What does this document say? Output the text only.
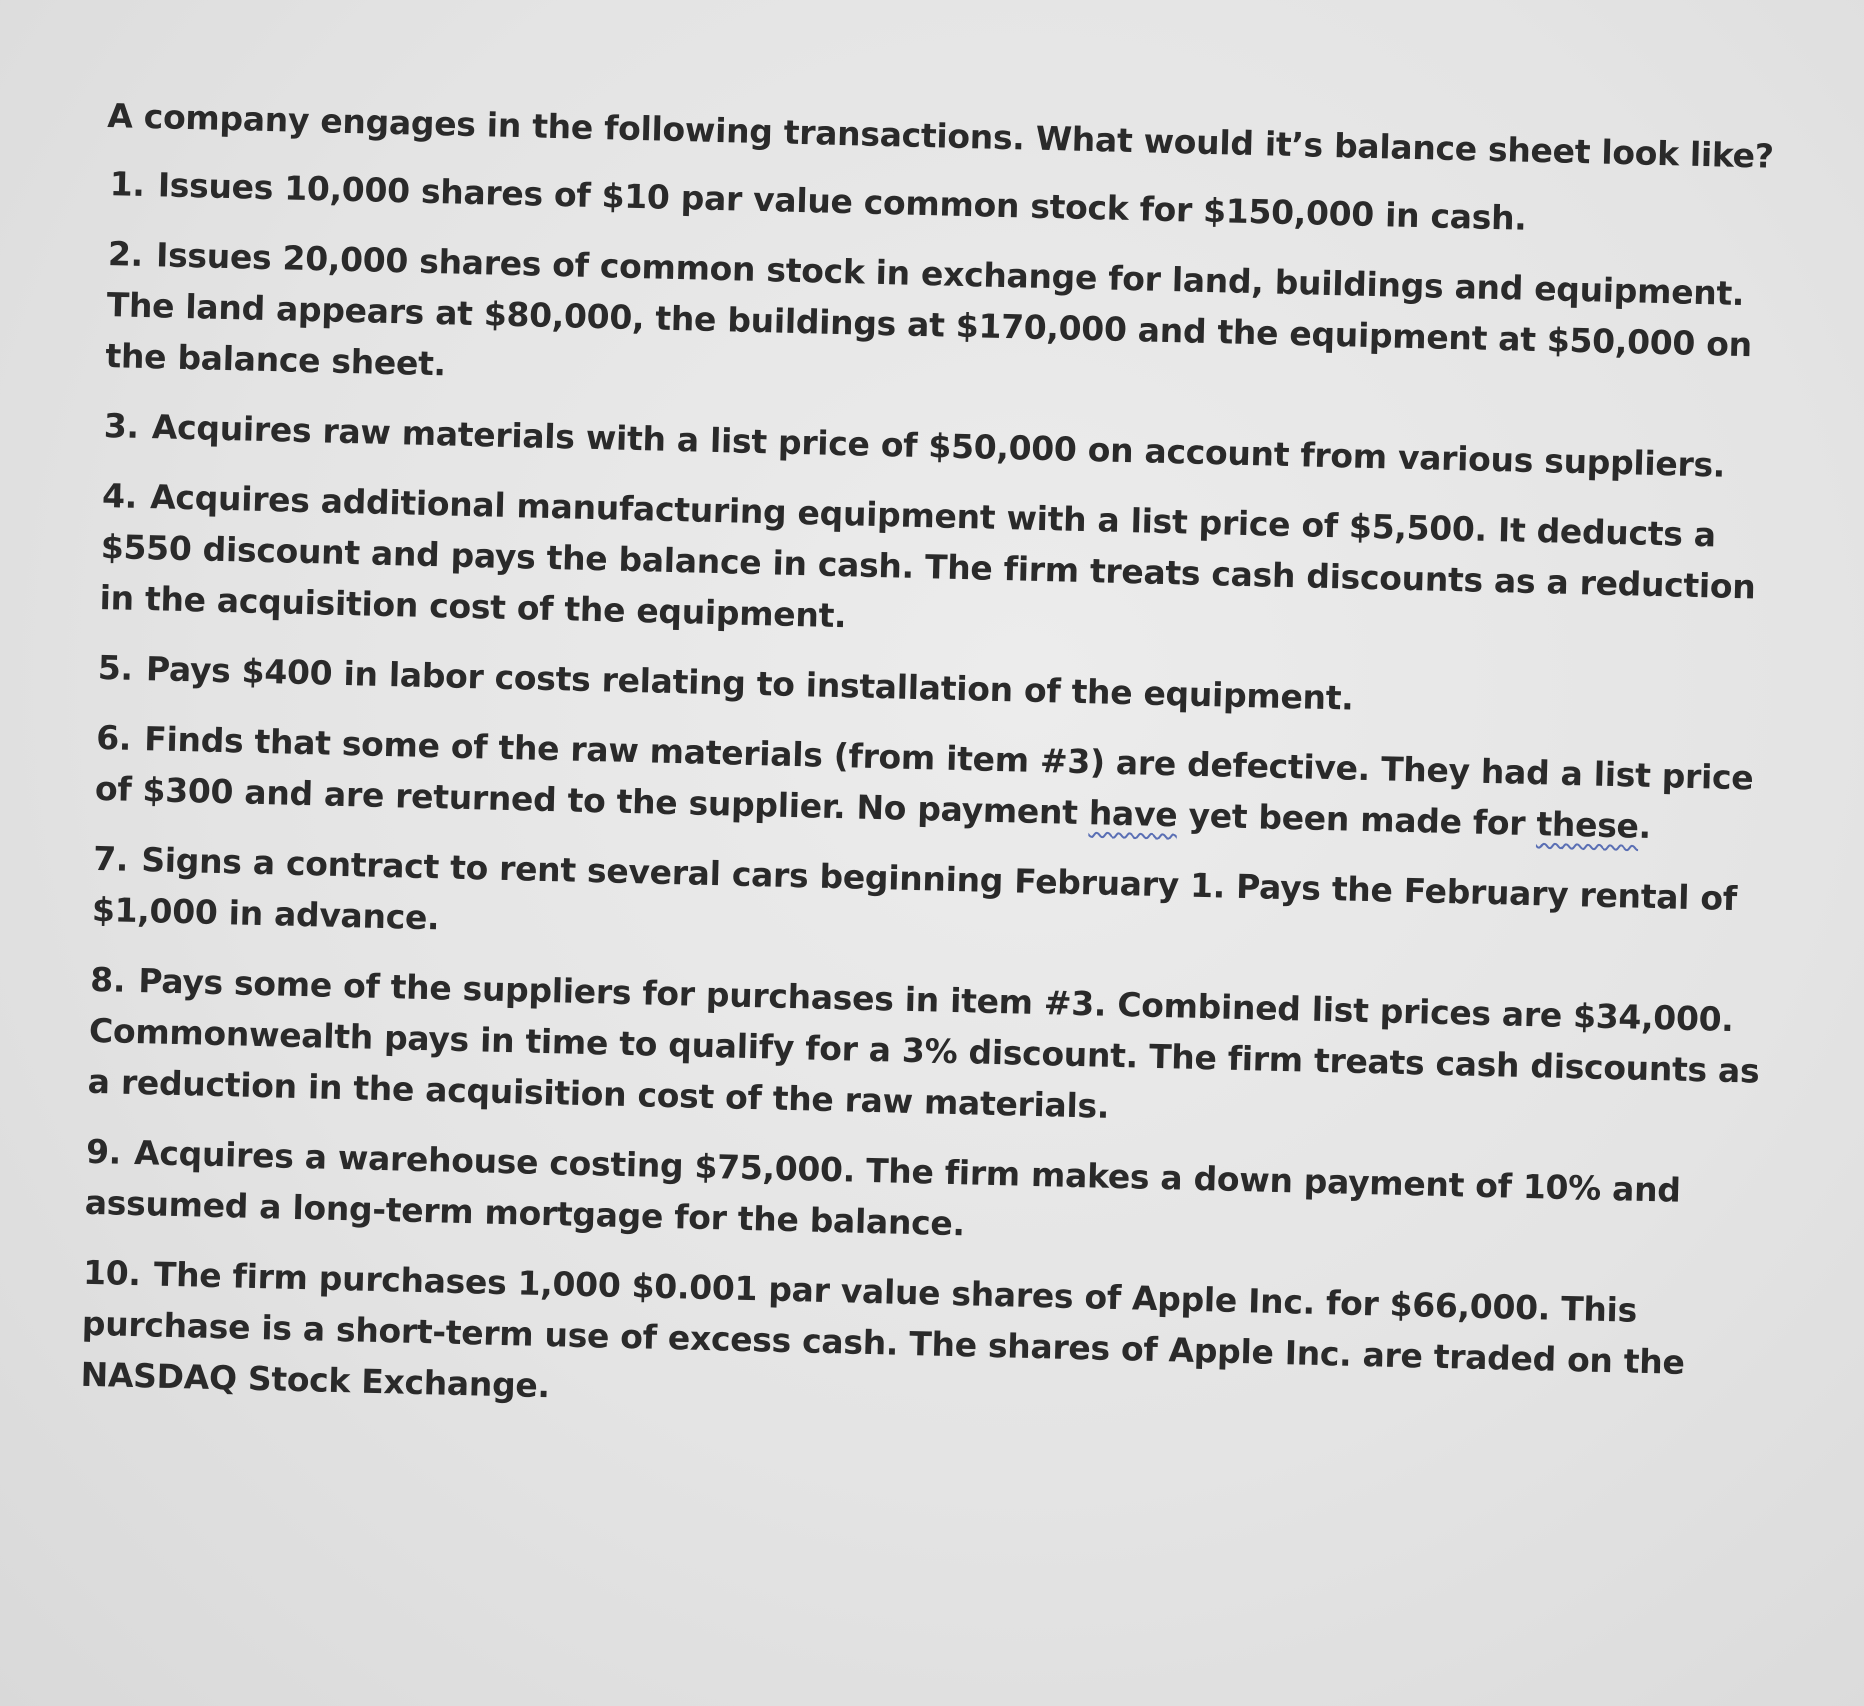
A company engages in the following transactions. What would it’s balance sheet look like?

1. Issues 10,000 shares of $10 par value common stock for $150,000 in cash.
2. Issues 20,000 shares of common stock in exchange for land, buildings and equipment. The land appears at $80,000, the buildings at $170,000 and the equipment at $50,000 on the balance sheet.
3. Acquires raw materials with a list price of $50,000 on account from various suppliers.
4. Acquires additional manufacturing equipment with a list price of $5,500. It deducts a $550 discount and pays the balance in cash. The firm treats cash discounts as a reduction in the acquisition cost of the equipment.
5. Pays $400 in labor costs relating to installation of the equipment.
6. Finds that some of the raw materials (from item #3) are defective. They had a list price of $300 and are returned to the supplier. No payment have yet been made for these.
7. Signs a contract to rent several cars beginning February 1. Pays the February rental of $1,000 in advance.
8. Pays some of the suppliers for purchases in item #3. Combined list prices are $34,000. Commonwealth pays in time to qualify for a 3% discount. The firm treats cash discounts as a reduction in the acquisition cost of the raw materials.
9. Acquires a warehouse costing $75,000. The firm makes a down payment of 10% and assumed a long-term mortgage for the balance.
10. The firm purchases 1,000 $0.001 par value shares of Apple Inc. for $66,000. This purchase is a short-term use of excess cash. The shares of Apple Inc. are traded on the NASDAQ Stock Exchange.
